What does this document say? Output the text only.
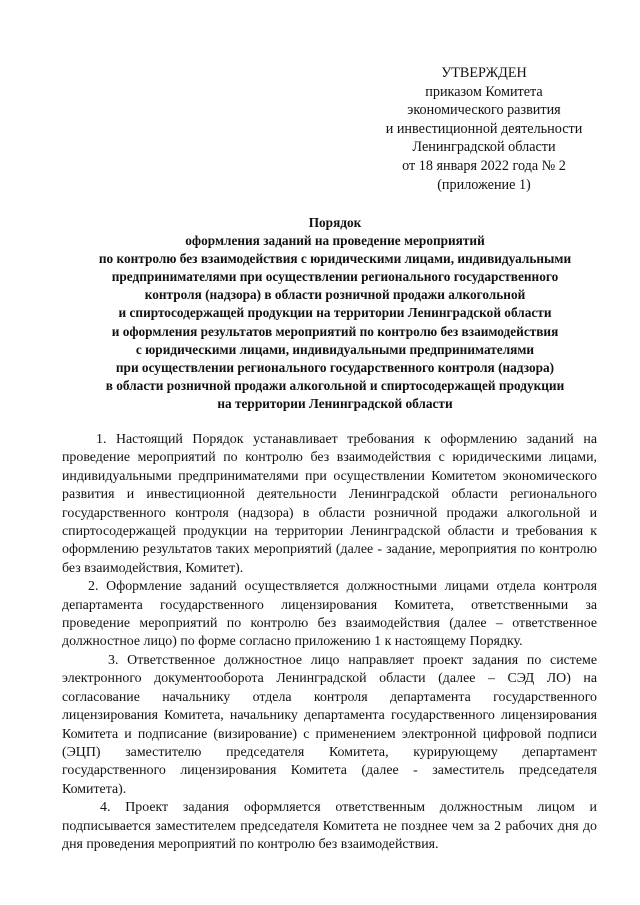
УТВЕРЖДЕН
приказом Комитета
экономического развития
и инвестиционной деятельности
Ленинградской области
от 18 января 2022 года № 2
(приложение 1)
Порядок
оформления заданий на проведение мероприятий
по контролю без взаимодействия с юридическими лицами, индивидуальными
предпринимателями при осуществлении регионального государственного
контроля (надзора) в области розничной продажи алкогольной
и спиртосодержащей продукции на территории Ленинградской области
и оформления результатов мероприятий по контролю без взаимодействия
с юридическими лицами, индивидуальными предпринимателями
при осуществлении регионального государственного контроля (надзора)
в области розничной продажи алкогольной и спиртосодержащей продукции
на территории Ленинградской области

1. Настоящий Порядок устанавливает требования к оформлению заданий на проведение мероприятий по контролю без взаимодействия с юридическими лицами, индивидуальными предпринимателями при осуществлении Комитетом экономического развития и инвестиционной деятельности Ленинградской области регионального государственного контроля (надзора) в области розничной продажи алкогольной и спиртосодержащей продукции на территории Ленинградской области и требования к оформлению результатов таких мероприятий (далее - задание, мероприятия по контролю без взаимодействия, Комитет).

2. Оформление заданий осуществляется должностными лицами отдела контроля департамента государственного лицензирования Комитета, ответственными за проведение мероприятий по контролю без взаимодействия (далее – ответственное должностное лицо) по форме согласно приложению 1 к настоящему Порядку.

3. Ответственное должностное лицо направляет проект задания по системе электронного документооборота Ленинградской области (далее – СЭД ЛО) на согласование начальнику отдела контроля департамента государственного лицензирования Комитета, начальнику департамента государственного лицензирования Комитета и подписание (визирование) с применением электронной цифровой подписи (ЭЦП) заместителю председателя Комитета, курирующему департамент государственного лицензирования Комитета (далее - заместитель председателя Комитета).

4. Проект задания оформляется ответственным должностным лицом и подписывается заместителем председателя Комитета не позднее чем за 2 рабочих дня до дня проведения мероприятий по контролю без взаимодействия.
